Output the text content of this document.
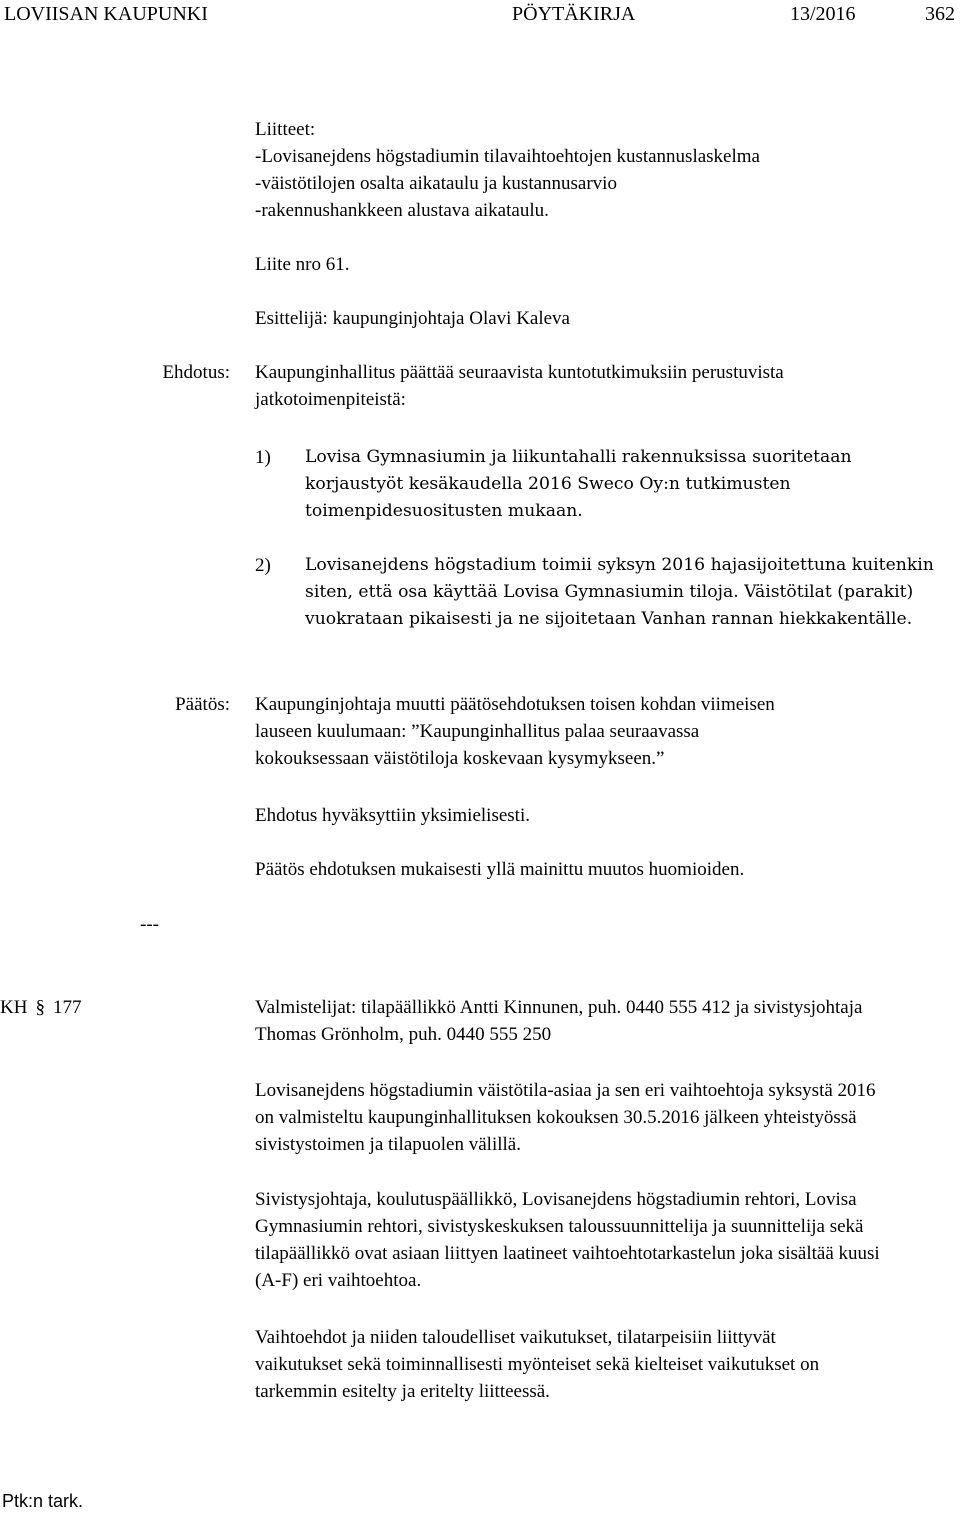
LOVIISAN KAUPUNKI	PÖYTÄKIRJA	13/2016	362

Liitteet:

-Lovisanejdens högstadiumin tilavaihtoehtojen kustannuslaskelma

-väistötilojen osalta aikataulu ja kustannusarvio

-rakennushankkeen alustava aikataulu.

Liite nro 61.
Esittelijä: kaupunginjohtaja Olavi Kaleva
Ehdotus: Kaupunginhallitus päättää seuraavista kuntotutkimuksiin perustuvista jatkotoimenpiteistä:
1)	Lovisa Gymnasiumin ja liikuntahalli rakennuksissa suoritetaan korjaustyöt kesäkaudella 2016 Sweco Oy:n tutkimusten toimenpidesuositusten mukaan.
2)	Lovisanejdens högstadium toimii syksyn 2016 hajasijoitettuna kuitenkin siten, että osa käyttää Lovisa Gymnasiumin tiloja. Väistötilat (parakit) vuokrataan pikaisesti ja ne sijoitetaan Vanhan rannan hiekkakentälle.
Päätös: Kaupunginjohtaja muutti päätösehdotuksen toisen kohdan viimeisen lauseen kuulumaan: ”Kaupunginhallitus palaa seuraavassa kokouksessaan väistötiloja koskevaan kysymykseen.”
Ehdotus hyväksyttiin yksimielisesti.
Päätös ehdotuksen mukaisesti yllä mainittu muutos huomioiden.
---
KH § 177	Valmistelijat: tilapäällikkö Antti Kinnunen, puh. 0440 555 412 ja sivistysjohtaja Thomas Grönholm, puh. 0440 555 250
Lovisanejdens högstadiumin väistötila-asiaa ja sen eri vaihtoehtoja syksystä 2016 on valmisteltu kaupunginhallituksen kokouksen 30.5.2016 jälkeen yhteistyössä sivistystoimen ja tilapuolen välillä.
Sivistysjohtaja, koulutuspäällikkö, Lovisanejdens högstadiumin rehtori, Lovisa Gymnasiumin rehtori, sivistyskeskuksen taloussuunnittelija ja suunnittelija sekä tilapäällikkö ovat asiaan liittyen laatineet vaihtoehtotarkastelun joka sisältää kuusi (A-F) eri vaihtoehtoa.
Vaihtoehdot ja niiden taloudelliset vaikutukset, tilatarpeisiin liittyvät vaikutukset sekä toiminnallisesti myönteiset sekä kielteiset vaikutukset on tarkemmin esitelty ja eritelty liitteessä.
Ptk:n tark.
